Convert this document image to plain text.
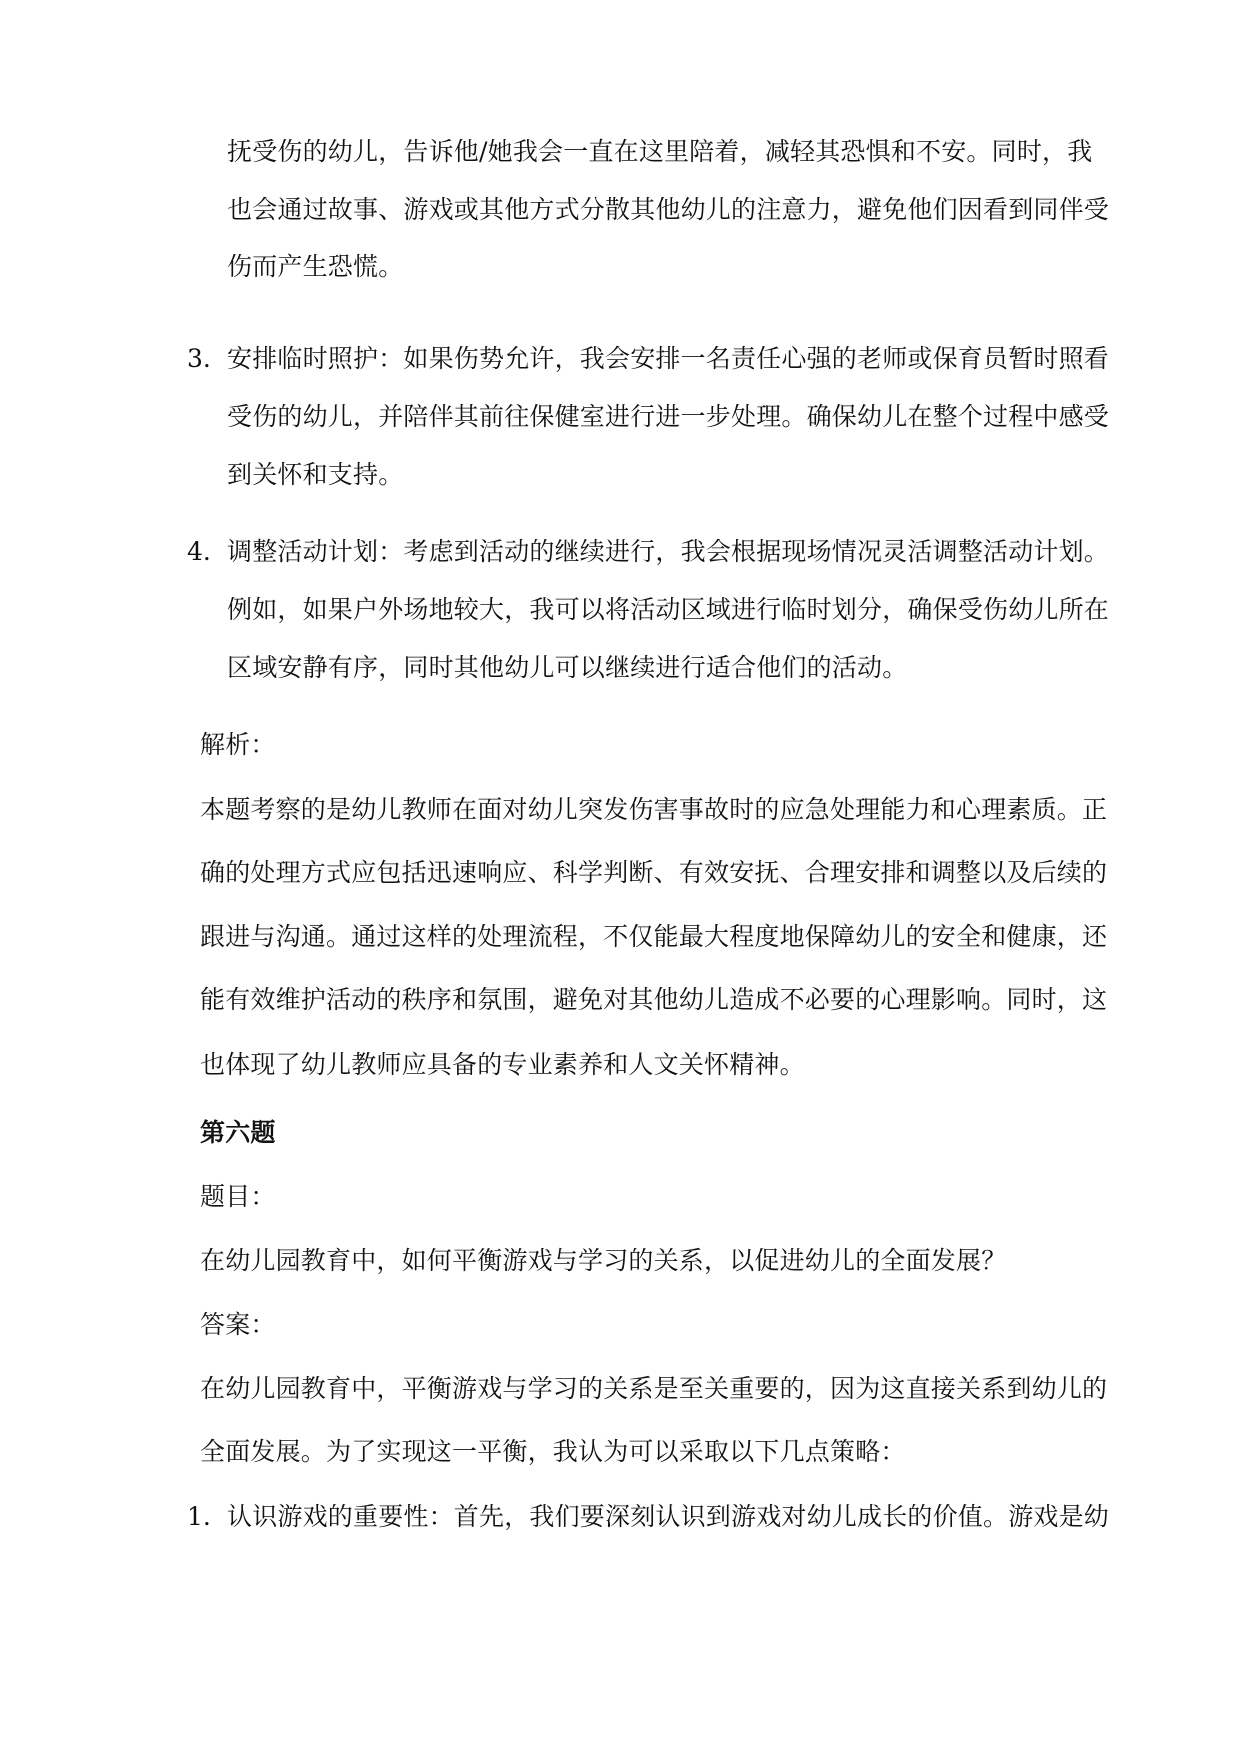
抚受伤的幼儿，告诉他/她我会一直在这里陪着，减轻其恐惧和不安。同时，我
也会通过故事、游戏或其他方式分散其他幼儿的注意力，避免他们因看到同伴受
伤而产生恐慌。
3. 安排临时照护：如果伤势允许，我会安排一名责任心强的老师或保育员暂时照看
受伤的幼儿，并陪伴其前往保健室进行进一步处理。确保幼儿在整个过程中感受
到关怀和支持。
4. 调整活动计划：考虑到活动的继续进行，我会根据现场情况灵活调整活动计划。
例如，如果户外场地较大，我可以将活动区域进行临时划分，确保受伤幼儿所在
区域安静有序，同时其他幼儿可以继续进行适合他们的活动。
解析：
本题考察的是幼儿教师在面对幼儿突发伤害事故时的应急处理能力和心理素质。正
确的处理方式应包括迅速响应、科学判断、有效安抚、合理安排和调整以及后续的
跟进与沟通。通过这样的处理流程，不仅能最大程度地保障幼儿的安全和健康，还
能有效维护活动的秩序和氛围，避免对其他幼儿造成不必要的心理影响。同时，这
也体现了幼儿教师应具备的专业素养和人文关怀精神。
第六题
题目：
在幼儿园教育中，如何平衡游戏与学习的关系，以促进幼儿的全面发展？
答案：
在幼儿园教育中，平衡游戏与学习的关系是至关重要的，因为这直接关系到幼儿的
全面发展。为了实现这一平衡，我认为可以采取以下几点策略：
1. 认识游戏的重要性：首先，我们要深刻认识到游戏对幼儿成长的价值。游戏是幼
